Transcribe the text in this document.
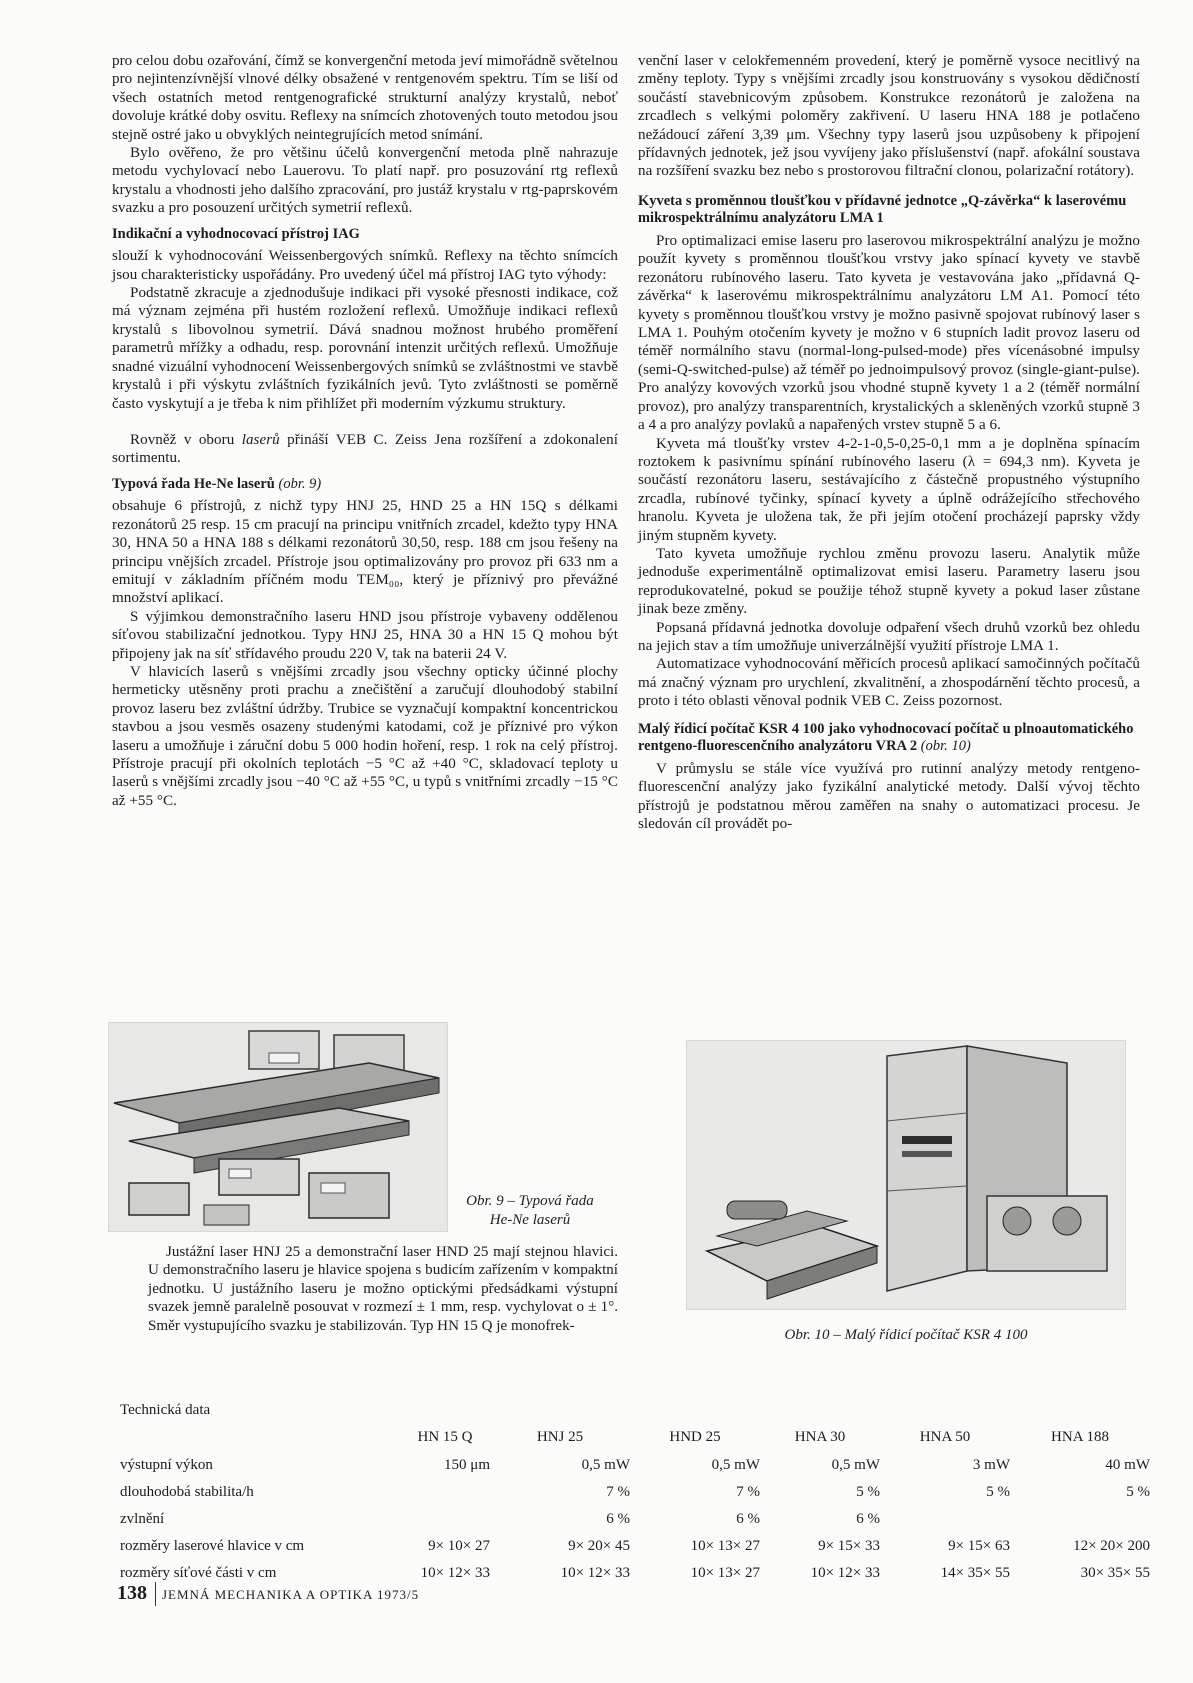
pro celou dobu ozařování, čímž se konvergenční metoda jeví mimořádně světelnou pro nejintenzívnější vlnové délky obsažené v rentgenovém spektru. Tím se liší od všech ostatních metod rentgenografické strukturní analýzy krystalů, neboť dovoluje krátké doby osvitu. Reflexy na snímcích zhotovených touto metodou jsou stejně ostré jako u obvyklých neintegrujících metod snímání.

Bylo ověřeno, že pro většinu účelů konvergenční metoda plně nahrazuje metodu vychylovací nebo Lauerovu. To platí např. pro posuzování rtg reflexů krystalu a vhodnosti jeho dalšího zpracování, pro justáž krystalu v rtg-paprskovém svazku a pro posouzení určitých symetrií reflexů.

Indikační a vyhodnocovací přístroj IAG

slouží k vyhodnocování Weissenbergových snímků. Reflexy na těchto snímcích jsou charakteristicky uspořádány. Pro uvedený účel má přístroj IAG tyto výhody:

Podstatně zkracuje a zjednodušuje indikaci při vysoké přesnosti indikace, což má význam zejména při hustém rozložení reflexů. Umožňuje indikaci reflexů krystalů s libovolnou symetrií. Dává snadnou možnost hrubého proměření parametrů mřížky a odhadu, resp. porovnání intenzit určitých reflexů. Umožňuje snadné vizuální vyhodnocení Weissenbergových snímků se zvláštnostmi ve stavbě krystalů i při výskytu zvláštních fyzikálních jevů. Tyto zvláštnosti se poměrně často vyskytují a je třeba k nim přihlížet při moderním výzkumu struktury.

Rovněž v oboru laserů přináší VEB C. Zeiss Jena rozšíření a zdokonalení sortimentu.

Typová řada He-Ne laserů (obr. 9)

obsahuje 6 přístrojů, z nichž typy HNJ 25, HND 25 a HN 15Q s délkami rezonátorů 25 resp. 15 cm pracují na principu vnitřních zrcadel, kdežto typy HNA 30, HNA 50 a HNA 188 s délkami rezonátorů 30,50, resp. 188 cm jsou řešeny na principu vnějších zrcadel. Přístroje jsou optimalizovány pro provoz při 633 nm a emitují v základním příčném modu TEM₀₀, který je příznivý pro převážné množství aplikací.

S výjimkou demonstračního laseru HND jsou přístroje vybaveny oddělenou síťovou stabilizační jednotkou. Typy HNJ 25, HNA 30 a HN 15 Q mohou být připojeny jak na síť střídavého proudu 220 V, tak na baterii 24 V.

V hlavicích laserů s vnějšími zrcadly jsou všechny opticky účinné plochy hermeticky utěsněny proti prachu a znečištění a zaručují dlouhodobý stabilní provoz laseru bez zvláštní údržby. Trubice se vyznačují kompaktní koncentrickou stavbou a jsou vesměs osazeny studenými katodami, což je příznivé pro výkon laseru a umožňuje i záruční dobu 5 000 hodin hoření, resp. 1 rok na celý přístroj. Přístroje pracují při okolních teplotách −5 °C až +40 °C, skladovací teploty u laserů s vnějšími zrcadly jsou −40 °C až +55 °C, u typů s vnitřními zrcadly −15 °C až +55 °C.

venční laser v celokřemenném provedení, který je poměrně vysoce necitlivý na změny teploty. Typy s vnějšími zrcadly jsou konstruovány s vysokou dědičností součástí stavebnicovým způsobem. Konstrukce rezonátorů je založena na zrcadlech s velkými poloměry zakřivení. U laseru HNA 188 je potlačeno nežádoucí záření 3,39 μm. Všechny typy laserů jsou uzpůsobeny k připojení přídavných jednotek, jež jsou vyvíjeny jako příslušenství (např. afokální soustava na rozšíření svazku bez nebo s prostorovou filtrační clonou, polarizační rotátory).

Kyveta s proměnnou tloušťkou v přídavné jednotce „Q-závěrka“ k laserovému mikrospektrálnímu analyzátoru LMA 1

Pro optimalizaci emise laseru pro laserovou mikrospektrální analýzu je možno použít kyvety s proměnnou tloušťkou vrstvy jako spínací kyvety ve stavbě rezonátoru rubínového laseru. Tato kyveta je vestavována jako „přídavná Q-závěrka“ k laserovému mikrospektrálnímu analyzátoru LM A1. Pomocí této kyvety s proměnnou tloušťkou vrstvy je možno pasivně spojovat rubínový laser s LMA 1. Pouhým otočením kyvety je možno v 6 stupních ladit provoz laseru od téměř normálního stavu (normal-long-pulsed-mode) přes vícenásobné impulsy (semi-Q-switched-pulse) až téměř po jednoimpulsový provoz (single-giant-pulse). Pro analýzy kovových vzorků jsou vhodné stupně kyvety 1 a 2 (téměř normální provoz), pro analýzy transparentních, krystalických a skleněných vzorků stupně 3 a 4 a pro analýzy povlaků a napařených vrstev stupně 5 a 6.

Kyveta má tloušťky vrstev 4-2-1-0,5-0,25-0,1 mm a je doplněna spínacím roztokem k pasivnímu spínání rubínového laseru (λ = 694,3 nm). Kyveta je součástí rezonátoru laseru, sestávajícího z částečně propustného výstupního zrcadla, rubínové tyčinky, spínací kyvety a úplně odrážejícího střechového hranolu. Kyveta je uložena tak, že při jejím otočení procházejí paprsky vždy jiným stupněm kyvety.

Tato kyveta umožňuje rychlou změnu provozu laseru. Analytik může jednoduše experimentálně optimalizovat emisi laseru. Parametry laseru jsou reprodukovatelné, pokud se použije téhož stupně kyvety a pokud laser zůstane jinak beze změny.

Popsaná přídavná jednotka dovoluje odpaření všech druhů vzorků bez ohledu na jejich stav a tím umožňuje univerzálnější využití přístroje LMA 1.

Automatizace vyhodnocování měřicích procesů aplikací samočinných počítačů má značný význam pro urychlení, zkvalitnění, a zhospodárnění těchto procesů, a proto i této oblasti věnoval podnik VEB C. Zeiss pozornost.

Malý řídicí počítač KSR 4 100 jako vyhodnocovací počítač u plnoautomatického rentgeno-fluorescenčního analyzátoru VRA 2 (obr. 10)

V průmyslu se stále více využívá pro rutinní analýzy metody rentgeno-fluorescenční analýzy jako fyzikální analytické metody. Další vývoj těchto přístrojů je podstatnou měrou zaměřen na snahy o automatizaci procesu. Je sledován cíl provádět po-

Obr. 9 – Typová řada
He-Ne laserů
Obr. 10 – Malý řídicí počítač KSR 4 100

Justážní laser HNJ 25 a demonstrační laser HND 25 mají stejnou hlavici. U demonstračního laseru je hlavice spojena s budicím zařízením v kompaktní jednotku. U justážního laseru je možno optickými předsádkami výstupní svazek jemně paralelně posouvat v rozmezí ± 1 mm, resp. vychylovat o ± 1°. Směr vystupujícího svazku je stabilizován. Typ HN 15 Q je monofrek-

Technická data
	HN 15 Q	HNJ 25	HND 25	HNA 30	HNA 50	HNA 188
výstupní výkon	150 μm	0,5 mW	0,5 mW	0,5 mW	3 mW	40 mW
dlouhodobá stabilita/h		7 %	7 %	5 %	5 %	5 %
zvlnění		6 %	6 %	6 %		
rozměry laserové hlavice v cm	9× 10× 27	9× 20× 45	10× 13× 27	9× 15× 33	9× 15× 63	12× 20× 200
rozměry síťové části v cm	10× 12× 33	10× 12× 33	10× 13× 27	10× 12× 33	14× 35× 55	30× 35× 55
138 JEMNÁ MECHANIKA A OPTIKA 1973/5
